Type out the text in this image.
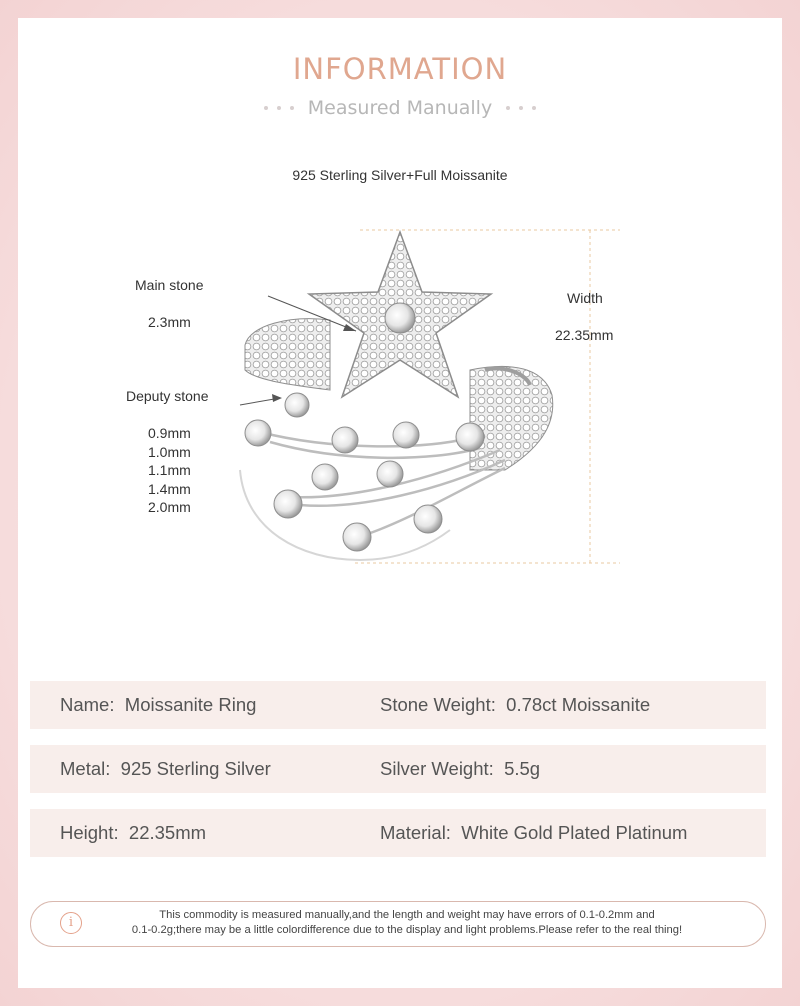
INFORMATION
Measured Manually
925 Sterling Silver+Full Moissanite
Main stone
2.3mm
Deputy stone
0.9mm
1.0mm
1.1mm
1.4mm
2.0mm
Width
22.35mm
Name: Moissanite Ring	Stone Weight: 0.78ct Moissanite
Metal: 925 Sterling Silver	Silver Weight: 5.5g
Height: 22.35mm	Material: White Gold Plated Platinum
i	This commodity is measured manually,and the length and weight may have errors of 0.1-0.2mm and
0.1-0.2g;there may be a little colordifference due to the display and light problems.Please refer to the real thing!
